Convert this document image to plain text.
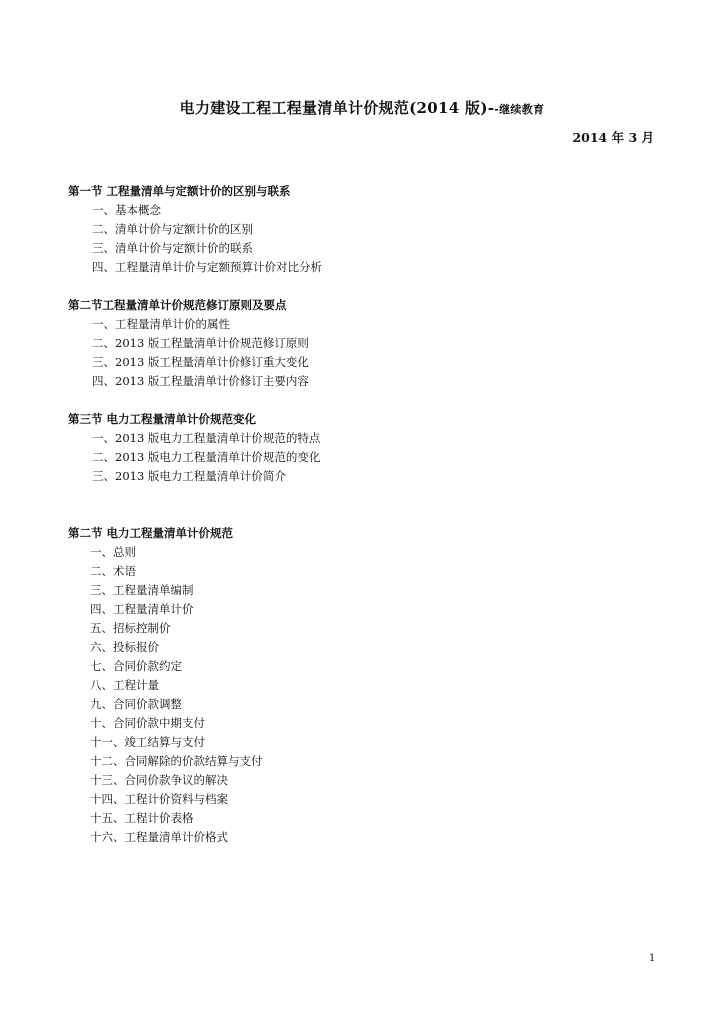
电力建设工程工程量清单计价规范(2014 版)--继续教育
2014 年 3 月
第一节 工程量清单与定额计价的区别与联系
一、基本概念
二、清单计价与定额计价的区别
三、清单计价与定额计价的联系
四、工程量清单计价与定额预算计价对比分析
第二节工程量清单计价规范修订原则及要点
一、工程量清单计价的属性
二、2013 版工程量清单计价规范修订原则
三、2013 版工程量清单计价修订重大变化
四、2013 版工程量清单计价修订主要内容
第三节 电力工程量清单计价规范变化
一、2013 版电力工程量清单计价规范的特点
二、2013 版电力工程量清单计价规范的变化
三、2013 版电力工程量清单计价简介
第二节 电力工程量清单计价规范
一、总则
二、术语
三、工程量清单编制
四、工程量清单计价
五、招标控制价
六、投标报价
七、合同价款约定
八、工程计量
九、合同价款调整
十、合同价款中期支付
十一、竣工结算与支付
十二、合同解除的价款结算与支付
十三、合同价款争议的解决
十四、工程计价资料与档案
十五、工程计价表格
十六、工程量清单计价格式
1
